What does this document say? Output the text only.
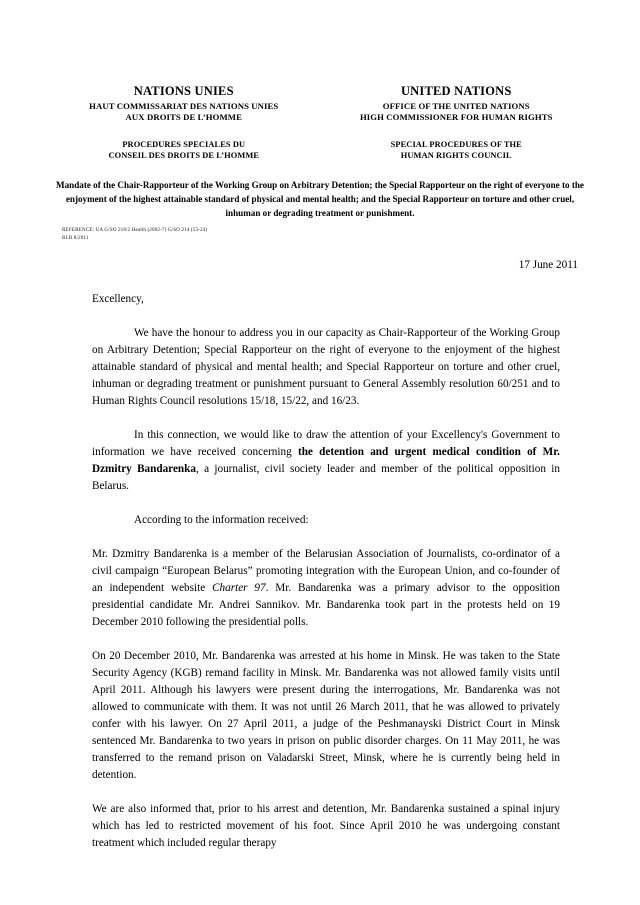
NATIONS UNIES
HAUT COMMISSARIAT DES NATIONS UNIES
AUX DROITS DE L’HOMME
PROCEDURES SPECIALES DU
CONSEIL DES DROITS DE L’HOMME
UNITED NATIONS
OFFICE OF THE UNITED NATIONS
HIGH COMMISSIONER FOR HUMAN RIGHTS
SPECIAL PROCEDURES OF THE
HUMAN RIGHTS COUNCIL
Mandate of the Chair-Rapporteur of the Working Group on Arbitrary Detention; the Special Rapporteur on the right of everyone to the enjoyment of the highest attainable standard of physical and mental health; and the Special Rapporteur on torture and other cruel, inhuman or degrading treatment or punishment.
REFERENCE: UA G/SO 218/2 Health (2002-7) G/SO 214 (53-24)
BLR 8/2011
17 June 2011
Excellency,

We have the honour to address you in our capacity as Chair-Rapporteur of the Working Group on Arbitrary Detention; Special Rapporteur on the right of everyone to the enjoyment of the highest attainable standard of physical and mental health; and Special Rapporteur on torture and other cruel, inhuman or degrading treatment or punishment pursuant to General Assembly resolution 60/251 and to Human Rights Council resolutions 15/18, 15/22, and 16/23.

In this connection, we would like to draw the attention of your Excellency's Government to information we have received concerning the detention and urgent medical condition of Mr. Dzmitry Bandarenka, a journalist, civil society leader and member of the political opposition in Belarus.

According to the information received:

Mr. Dzmitry Bandarenka is a member of the Belarusian Association of Journalists, co-ordinator of a civil campaign “European Belarus” promoting integration with the European Union, and co-founder of an independent website Charter 97. Mr. Bandarenka was a primary advisor to the opposition presidential candidate Mr. Andrei Sannikov. Mr. Bandarenka took part in the protests held on 19 December 2010 following the presidential polls.

On 20 December 2010, Mr. Bandarenka was arrested at his home in Minsk. He was taken to the State Security Agency (KGB) remand facility in Minsk. Mr. Bandarenka was not allowed family visits until April 2011. Although his lawyers were present during the interrogations, Mr. Bandarenka was not allowed to communicate with them. It was not until 26 March 2011, that he was allowed to privately confer with his lawyer. On 27 April 2011, a judge of the Peshmanayski District Court in Minsk sentenced Mr. Bandarenka to two years in prison on public disorder charges. On 11 May 2011, he was transferred to the remand prison on Valadarski Street, Minsk, where he is currently being held in detention.

We are also informed that, prior to his arrest and detention, Mr. Bandarenka sustained a spinal injury which has led to restricted movement of his foot. Since April 2010 he was undergoing constant treatment which included regular therapy
